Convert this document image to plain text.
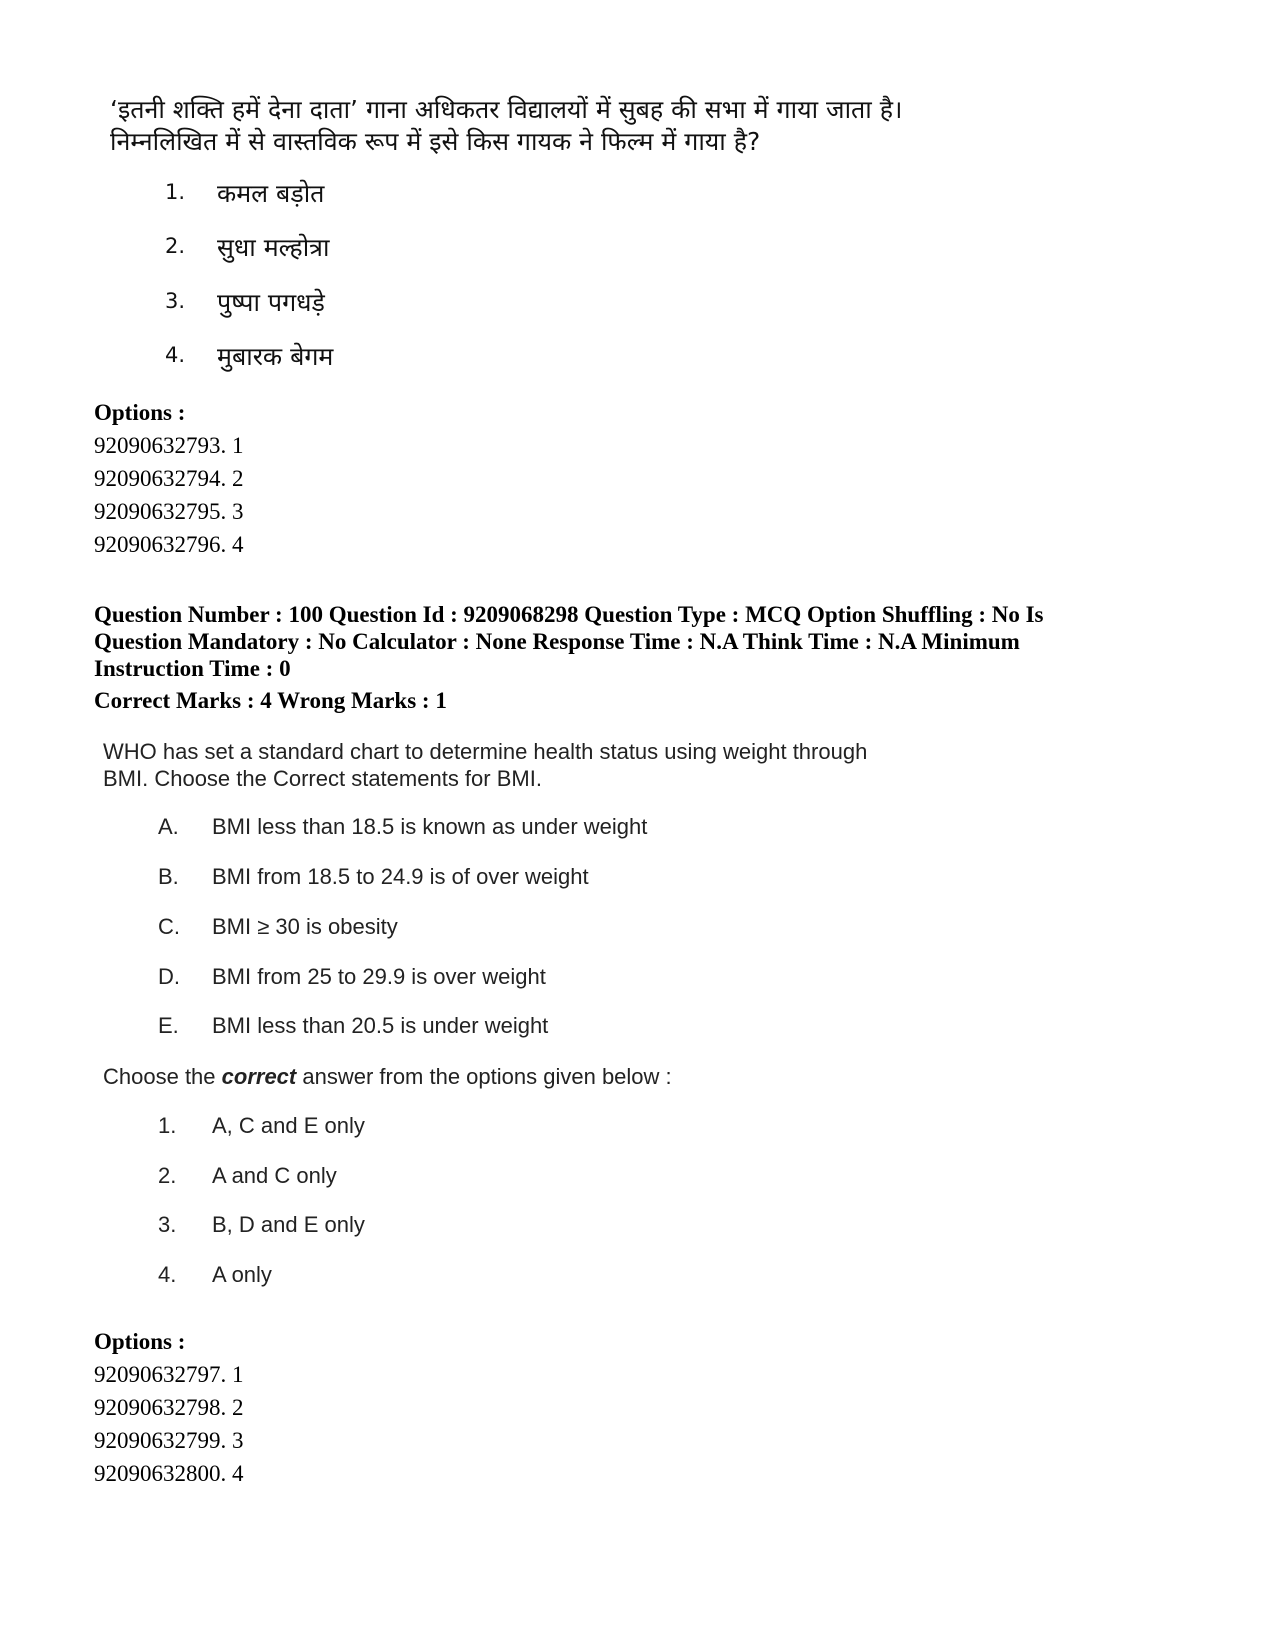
‘इतनी शक्ति हमें देना दाता’ गाना अधिकतर विद्यालयों में सुबह की सभा में गाया जाता है।
निम्नलिखित में से वास्तविक रूप में इसे किस गायक ने फिल्म में गाया है?
1. कमल बड़ोत
2. सुधा मल्होत्रा
3. पुष्पा पगधड़े
4. मुबारक बेगम
Options :
92090632793. 1
92090632794. 2
92090632795. 3
92090632796. 4
Question Number : 100 Question Id : 9209068298 Question Type : MCQ Option Shuffling : No Is
Question Mandatory : No Calculator : None Response Time : N.A Think Time : N.A Minimum
Instruction Time : 0
Correct Marks : 4 Wrong Marks : 1
WHO has set a standard chart to determine health status using weight through
BMI. Choose the Correct statements for BMI.
A. BMI less than 18.5 is known as under weight
B. BMI from 18.5 to 24.9 is of over weight
C. BMI ≥ 30 is obesity
D. BMI from 25 to 29.9 is over weight
E. BMI less than 20.5 is under weight
Choose the correct answer from the options given below :
1. A, C and E only
2. A and C only
3. B, D and E only
4. A only
Options :
92090632797. 1
92090632798. 2
92090632799. 3
92090632800. 4
